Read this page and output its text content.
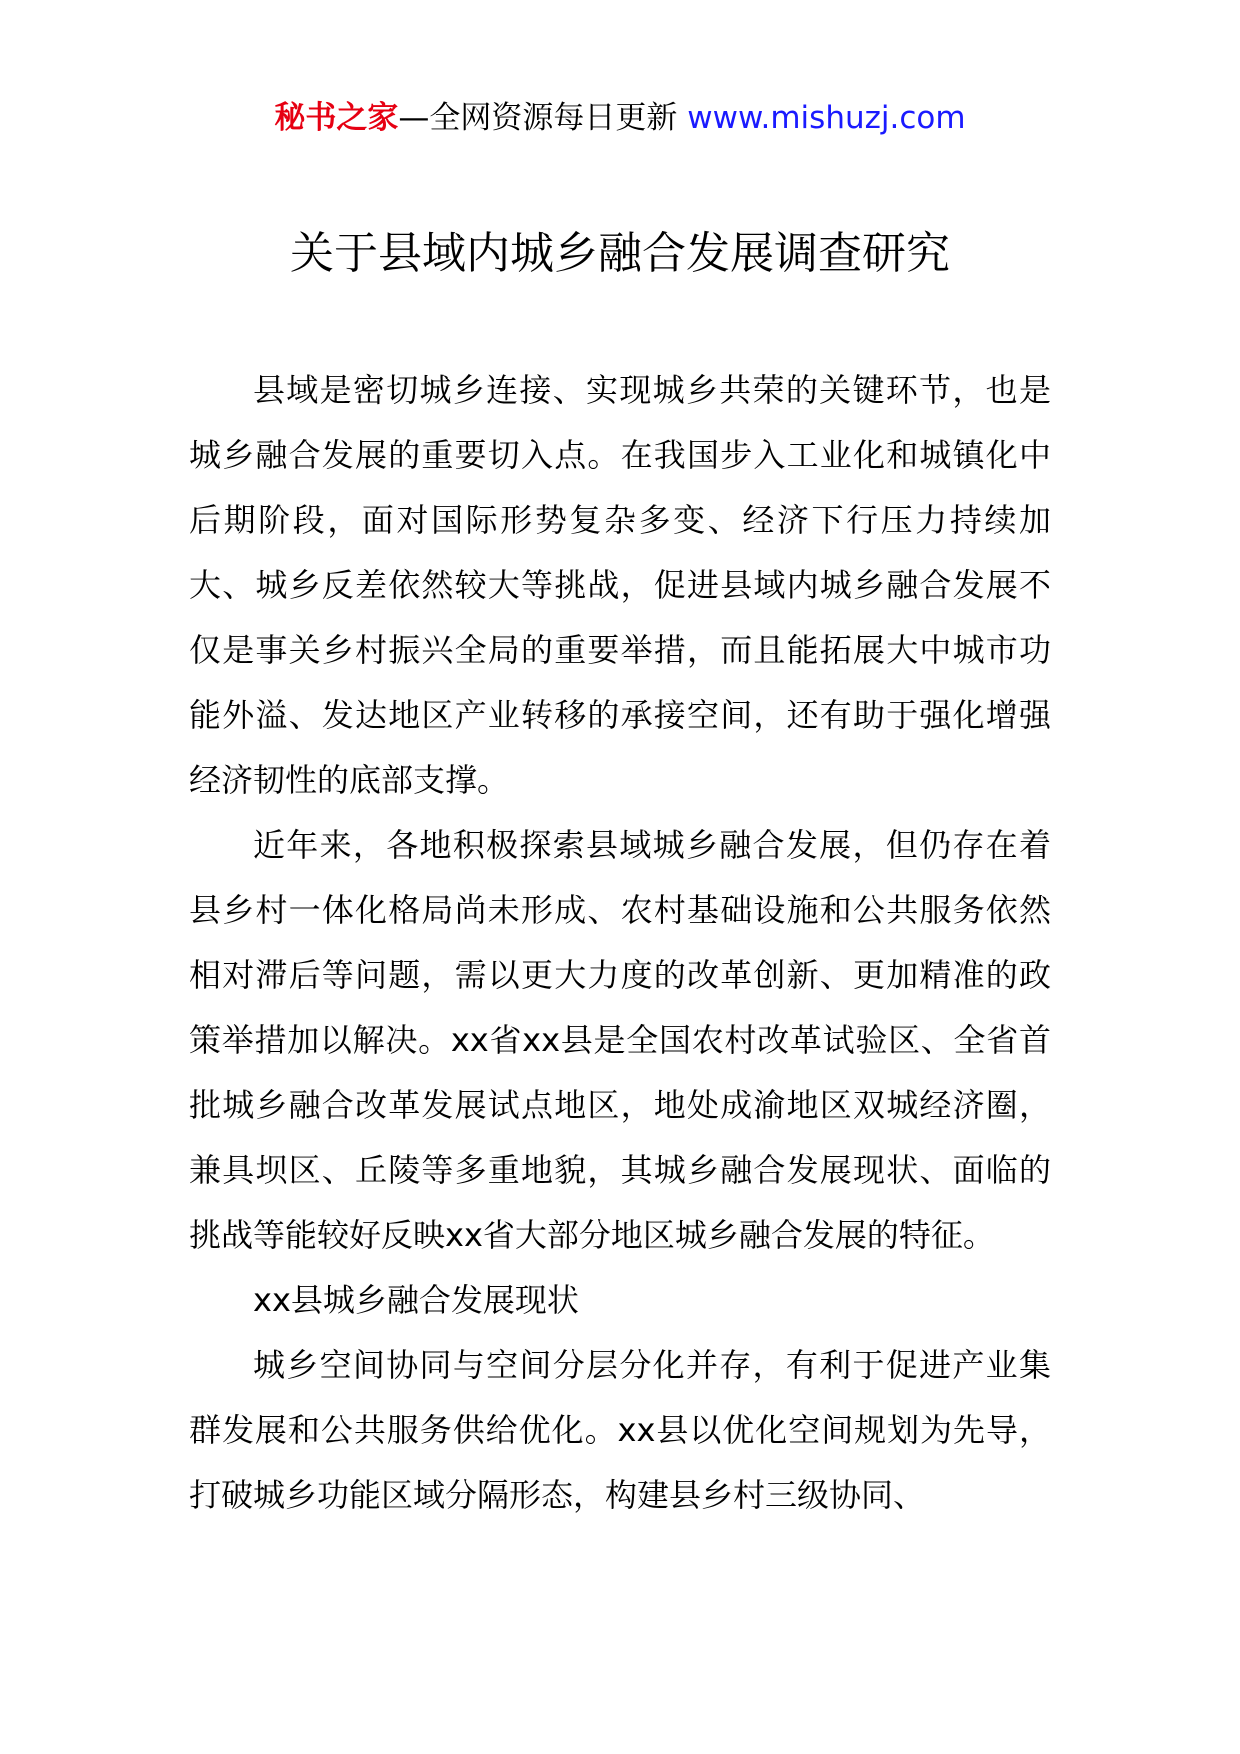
秘书之家—全网资源每日更新 www.mishuzj.com
关于县域内城乡融合发展调查研究

县域是密切城乡连接、实现城乡共荣的关键环节，也是城乡融合发展的重要切入点。在我国步入工业化和城镇化中后期阶段，面对国际形势复杂多变、经济下行压力持续加大、城乡反差依然较大等挑战，促进县域内城乡融合发展不仅是事关乡村振兴全局的重要举措，而且能拓展大中城市功能外溢、发达地区产业转移的承接空间，还有助于强化增强经济韧性的底部支撑。

近年来，各地积极探索县域城乡融合发展，但仍存在着县乡村一体化格局尚未形成、农村基础设施和公共服务依然相对滞后等问题，需以更大力度的改革创新、更加精准的政策举措加以解决。xx省xx县是全国农村改革试验区、全省首批城乡融合改革发展试点地区，地处成渝地区双城经济圈，兼具坝区、丘陵等多重地貌，其城乡融合发展现状、面临的挑战等能较好反映xx省大部分地区城乡融合发展的特征。

xx县城乡融合发展现状

城乡空间协同与空间分层分化并存，有利于促进产业集群发展和公共服务供给优化。xx县以优化空间规划为先导，打破城乡功能区域分隔形态，构建县乡村三级协同、
